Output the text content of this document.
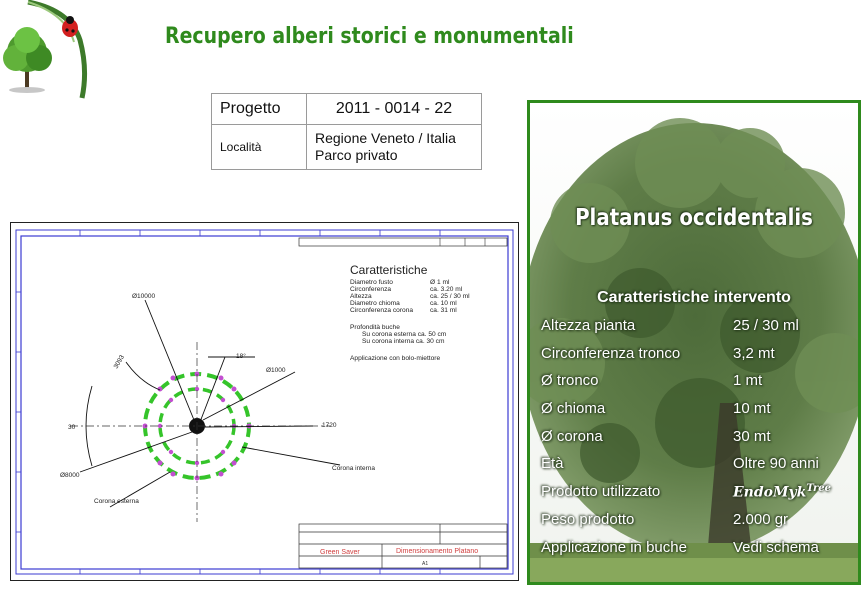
Recupero alberi storici e monumentali
Progetto	2011 - 0014 - 22
Località	Regione Veneto / Italia
Parco privato
Caratteristiche
Diametro fusto	Ø 1 ml
Circonferenza	ca. 3.20 ml
Altezza	ca. 25 / 30 ml
Diametro chioma	ca. 10 ml
Circonferenza corona	ca. 31 ml
Profondità buche
Su corona esterna ca. 50 cm
Su corona interna ca. 30 cm
Applicazione con bolo-miettore
Ø10000
Ø8000
Ø1000
1720
18°
30
3093
Corona esterna
Corona interna
Green Saver	Dimensionamento Platano
A1
Platanus occidentalis
Caratteristiche intervento
Altezza pianta	25 / 30 ml
Circonferenza tronco	3,2 mt
Ø tronco	1 mt
Ø chioma	10 mt
Ø corona	30 mt
Età	Oltre 90 anni
Prodotto utilizzato	EndoMyk$^{Tree}$
Peso prodotto	2.000 gr
Applicazione in buche	Vedi schema
